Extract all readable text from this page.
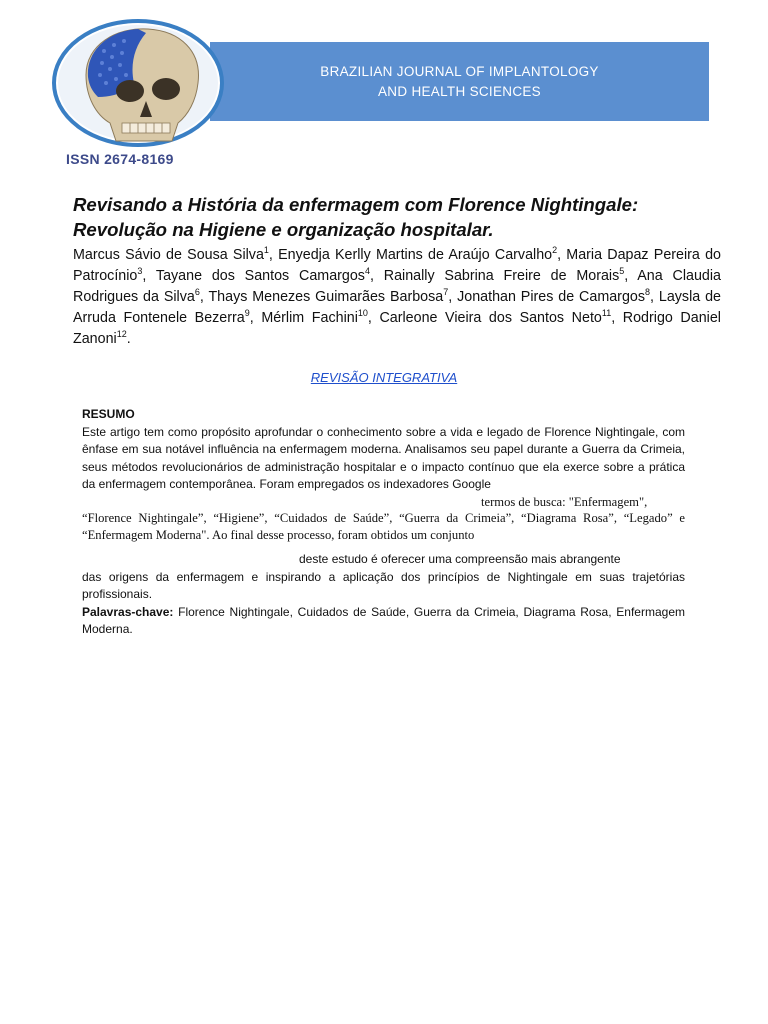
BRAZILIAN JOURNAL OF IMPLANTOLOGY
AND HEALTH SCIENCES
ISSN 2674-8169
Revisando a História da enfermagem com Florence Nightingale:
Revolução na Higiene e organização hospitalar.

Marcus Sávio de Sousa Silva$^1$, Enyedja Kerlly Martins de Araújo Carvalho$^2$, Maria Dapaz Pereira do Patrocínio$^3$, Tayane dos Santos Camargos$^4$, Rainally Sabrina Freire de Morais$^5$, Ana Claudia Rodrigues da Silva$^6$, Thays Menezes Guimarães Barbosa$^7$, Jonathan Pires de Camargos$^8$, Laysla de Arruda Fontenele Bezerra$^9$, Mérlim Fachini$^{10}$, Carleone Vieira dos Santos Neto$^{11}$, Rodrigo Daniel Zanoni$^{12}$.

REVISÃO INTEGRATIVA

RESUMO

Este artigo tem como propósito aprofundar o conhecimento sobre a vida e legado de Florence Nightingale, com ênfase em sua notável influência na enfermagem moderna. Analisamos seu papel durante a Guerra da Crimeia, seus métodos revolucionários de administração hospitalar e o impacto contínuo que ela exerce sobre a prática da enfermagem contemporânea. Foram empregados os indexadores Google

termos de busca: "Enfermagem",

“Florence Nightingale”, “Higiene”, “Cuidados de Saúde”, “Guerra da Crimeia”, “Diagrama Rosa”, “Legado” e “Enfermagem Moderna". Ao final desse processo, foram obtidos um conjunto

deste estudo é oferecer uma compreensão mais abrangente

das origens da enfermagem e inspirando a aplicação dos princípios de Nightingale em suas trajetórias profissionais.

Palavras-chave: Florence Nightingale, Cuidados de Saúde, Guerra da Crimeia, Diagrama Rosa, Enfermagem Moderna.
